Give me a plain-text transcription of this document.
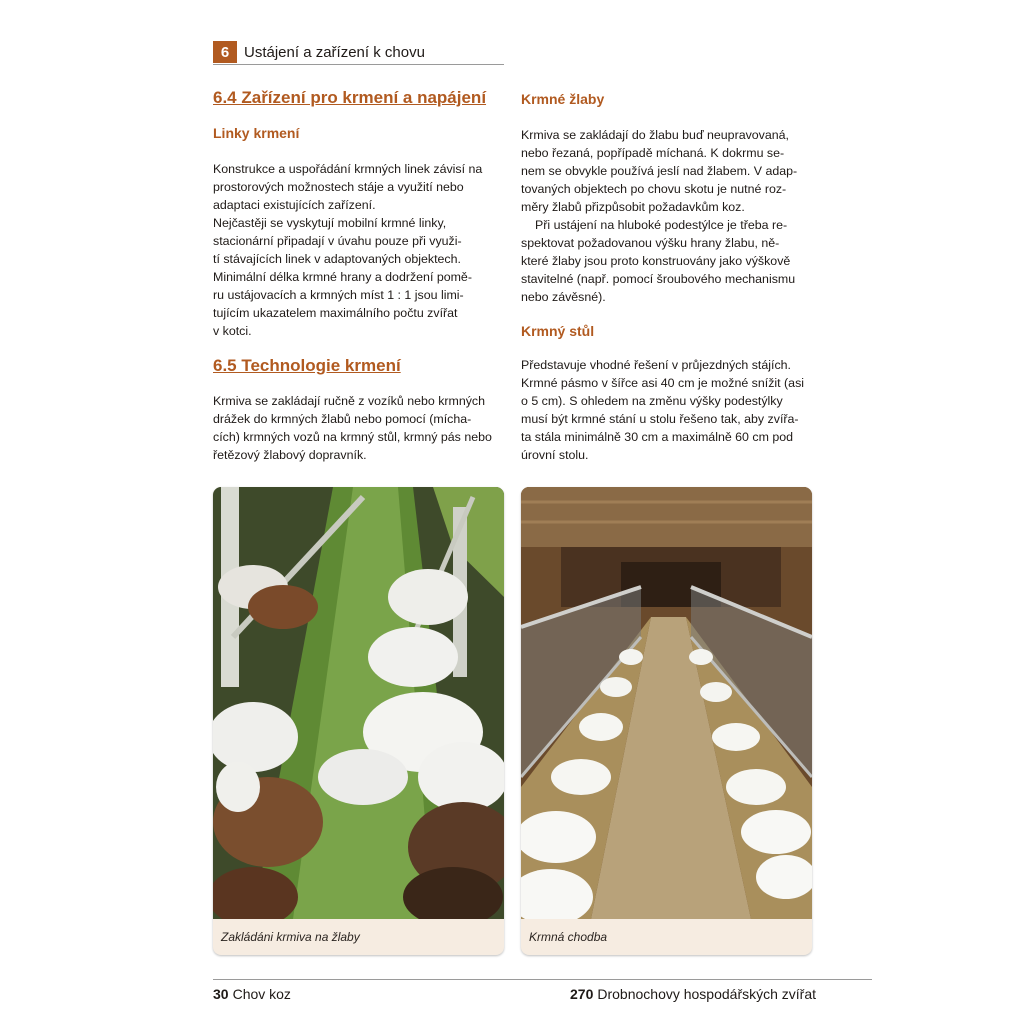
6 Ustájení a zařízení k chovu
6.4 Zařízení pro krmení a napájení
Linky krmení
Konstrukce a uspořádání krmných linek závisí na
prostorových možnostech stáje a využití nebo
adaptaci existujících zařízení.
Nejčastěji se vyskytují mobilní krmné linky,
stacionární připadají v úvahu pouze při využi-
tí stávajících linek v adaptovaných objektech.
Minimální délka krmné hrany a dodržení pomě-
ru ustájovacích a krmných míst 1 : 1 jsou limi-
tujícím ukazatelem maximálního počtu zvířat
v kotci.
6.5 Technologie krmení
Krmiva se zakládají ručně z vozíků nebo krmných
drážek do krmných žlabů nebo pomocí (mícha-
cích) krmných vozů na krmný stůl, krmný pás nebo
řetězový žlabový dopravník.
Krmné žlaby
Krmiva se zakládají do žlabu buď neupravovaná,
nebo řezaná, popřípadě míchaná. K dokrmu se-
nem se obvykle používá jeslí nad žlabem. V adap-
tovaných objektech po chovu skotu je nutné roz-
měry žlabů přizpůsobit požadavkům koz.
Při ustájení na hluboké podestýlce je třeba re-
spektovat požadovanou výšku hrany žlabu, ně-
které žlaby jsou proto konstruovány jako výškově
stavitelné (např. pomocí šroubového mechanismu
nebo závěsné).
Krmný stůl
Představuje vhodné řešení v průjezdných stájích.
Krmné pásmo v šířce asi 40 cm je možné snížit (asi
o 5 cm). S ohledem na změnu výšky podestýlky
musí být krmné stání u stolu řešeno tak, aby zvířa-
ta stála minimálně 30 cm a maximálně 60 cm pod
úrovní stolu.
Zakládáni krmiva na žlaby	Krmná chodba
30 Chov koz	270 Drobnochovy hospodářských zvířat
